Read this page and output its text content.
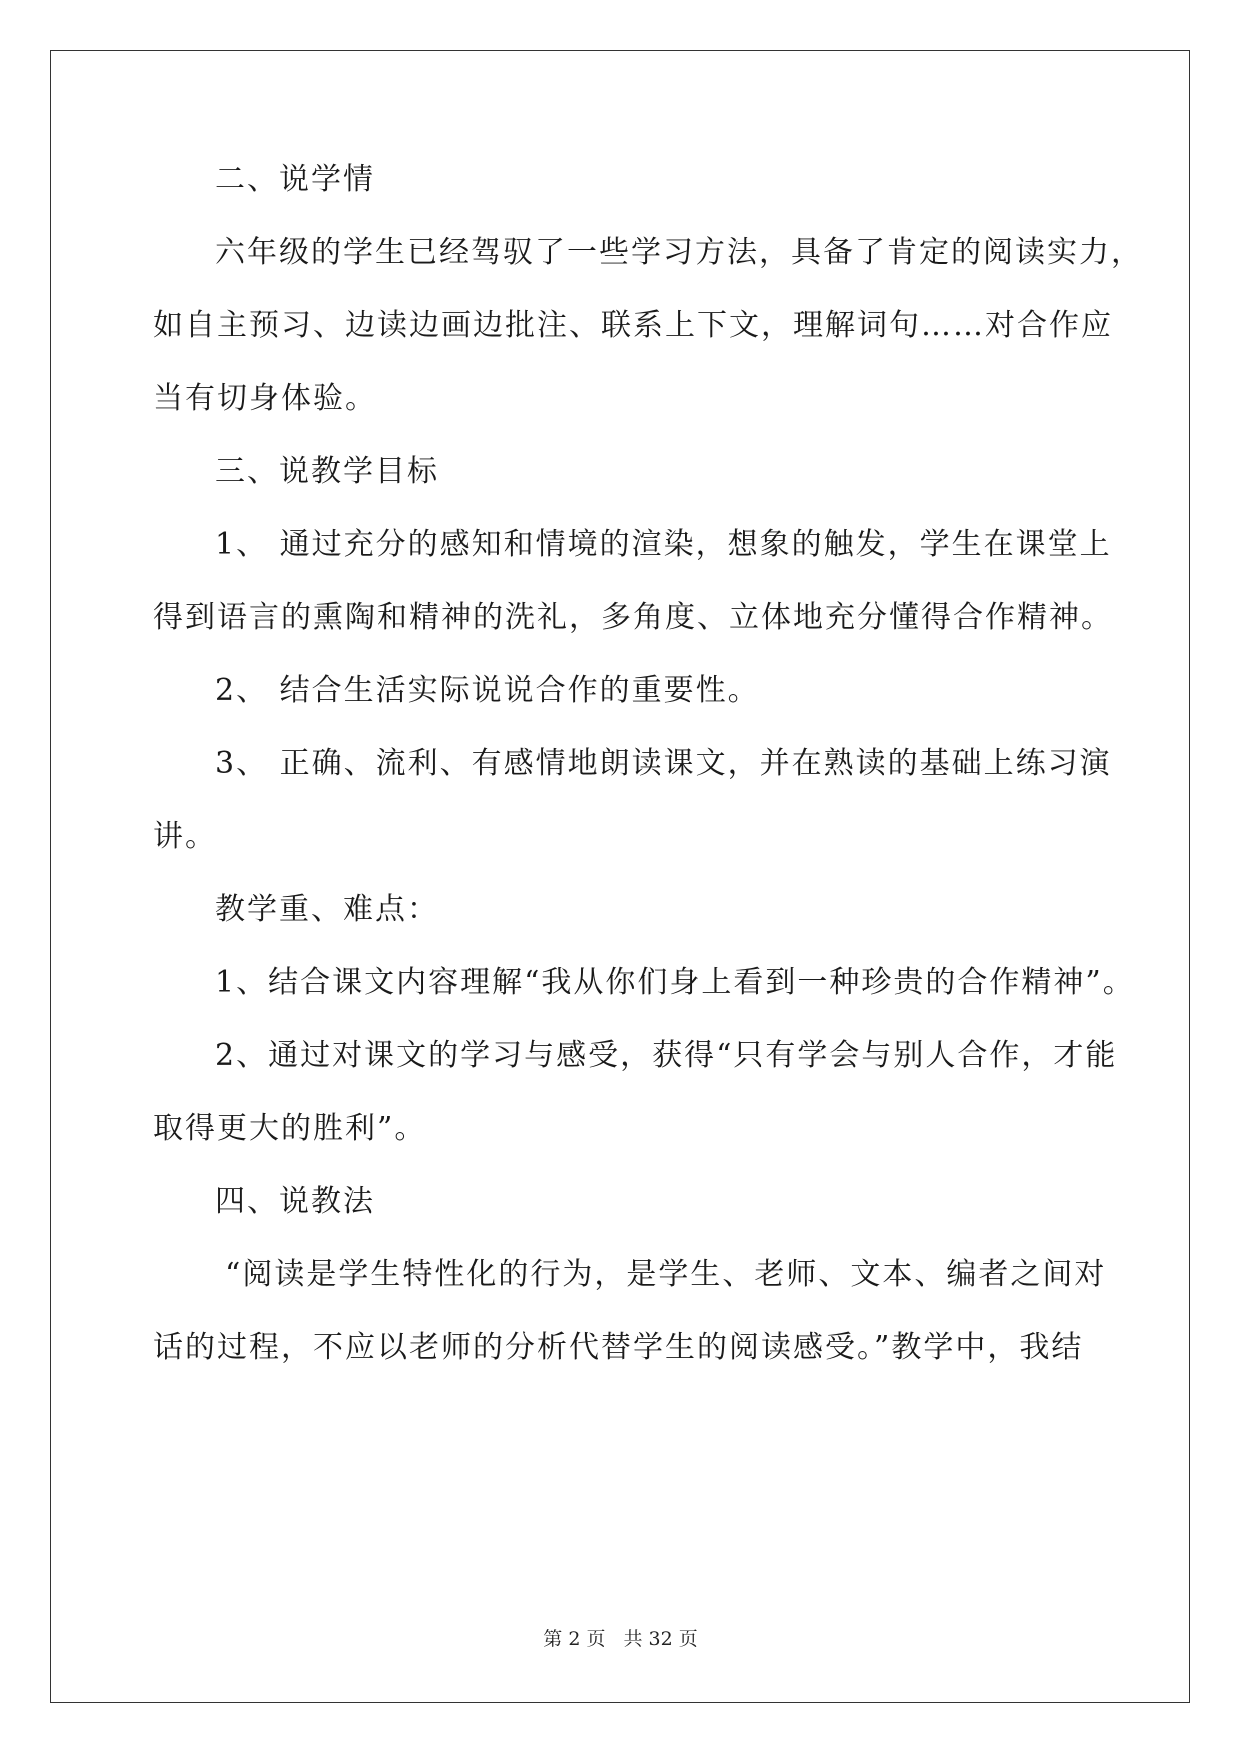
二、说学情
六年级的学生已经驾驭了一些学习方法，具备了肯定的阅读实力，
如自主预习、边读边画边批注、联系上下文，理解词句……对合作应
当有切身体验。
三、说教学目标
1、 通过充分的感知和情境的渲染，想象的触发，学生在课堂上
得到语言的熏陶和精神的洗礼，多角度、立体地充分懂得合作精神。
2、 结合生活实际说说合作的重要性。
3、 正确、流利、有感情地朗读课文，并在熟读的基础上练习演
讲。
教学重、难点：
1、结合课文内容理解“我从你们身上看到一种珍贵的合作精神”。
2、通过对课文的学习与感受，获得“只有学会与别人合作，才能
取得更大的胜利”。
四、说教法
“阅读是学生特性化的行为，是学生、老师、文本、编者之间对
话的过程，不应以老师的分析代替学生的阅读感受。”教学中，我结
第 2 页 共 32 页
